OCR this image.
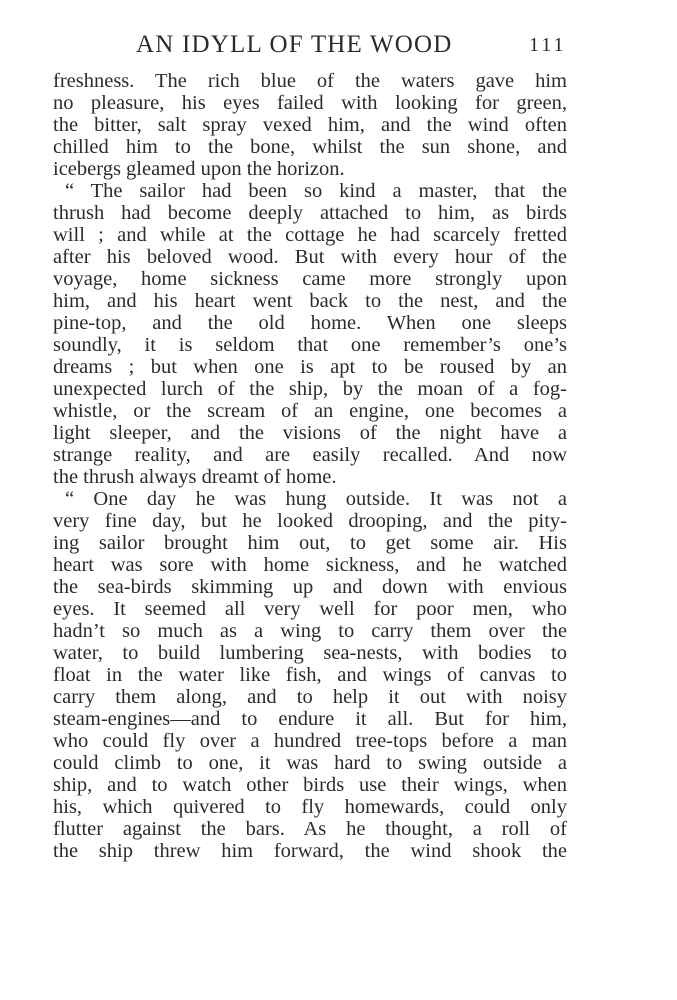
AN IDYLL OF THE WOOD	111
freshness. The rich blue of the waters gave him
no pleasure, his eyes failed with looking for green,
the bitter, salt spray vexed him, and the wind often
chilled him to the bone, whilst the sun shone, and
icebergs gleamed upon the horizon.
“ The sailor had been so kind a master, that the
thrush had become deeply attached to him, as birds
will ; and while at the cottage he had scarcely fretted
after his beloved wood. But with every hour of the
voyage, home sickness came more strongly upon
him, and his heart went back to the nest, and the
pine-top, and the old home. When one sleeps
soundly, it is seldom that one remember’s one’s
dreams ; but when one is apt to be roused by an
unexpected lurch of the ship, by the moan of a fog-
whistle, or the scream of an engine, one becomes a
light sleeper, and the visions of the night have a
strange reality, and are easily recalled. And now
the thrush always dreamt of home.
“ One day he was hung outside. It was not a
very fine day, but he looked drooping, and the pity-
ing sailor brought him out, to get some air. His
heart was sore with home sickness, and he watched
the sea-birds skimming up and down with envious
eyes. It seemed all very well for poor men, who
hadn’t so much as a wing to carry them over the
water, to build lumbering sea-nests, with bodies to
float in the water like fish, and wings of canvas to
carry them along, and to help it out with noisy
steam-engines—and to endure it all. But for him,
who could fly over a hundred tree-tops before a man
could climb to one, it was hard to swing outside a
ship, and to watch other birds use their wings, when
his, which quivered to fly homewards, could only
flutter against the bars. As he thought, a roll of
the ship threw him forward, the wind shook the
